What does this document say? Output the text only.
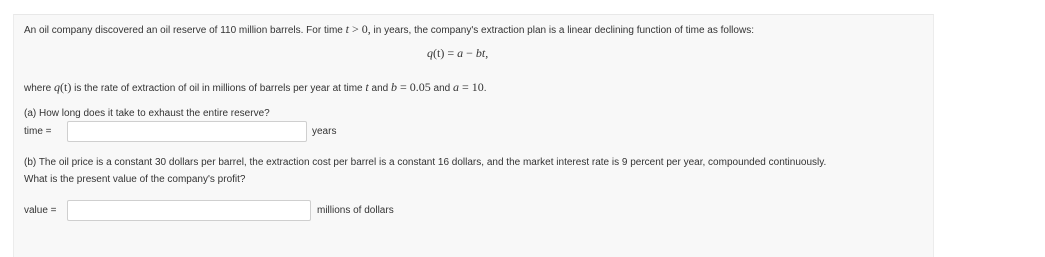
An oil company discovered an oil reserve of 110 million barrels. For time t > 0, in years, the company's extraction plan is a linear declining function of time as follows:
q(t) = a − bt,
where q(t) is the rate of extraction of oil in millions of barrels per year at time t and b = 0.05 and a = 10.
(a) How long does it take to exhaust the entire reserve?
time =	years
(b) The oil price is a constant 30 dollars per barrel, the extraction cost per barrel is a constant 16 dollars, and the market interest rate is 9 percent per year, compounded continuously.
What is the present value of the company's profit?
value =	millions of dollars
